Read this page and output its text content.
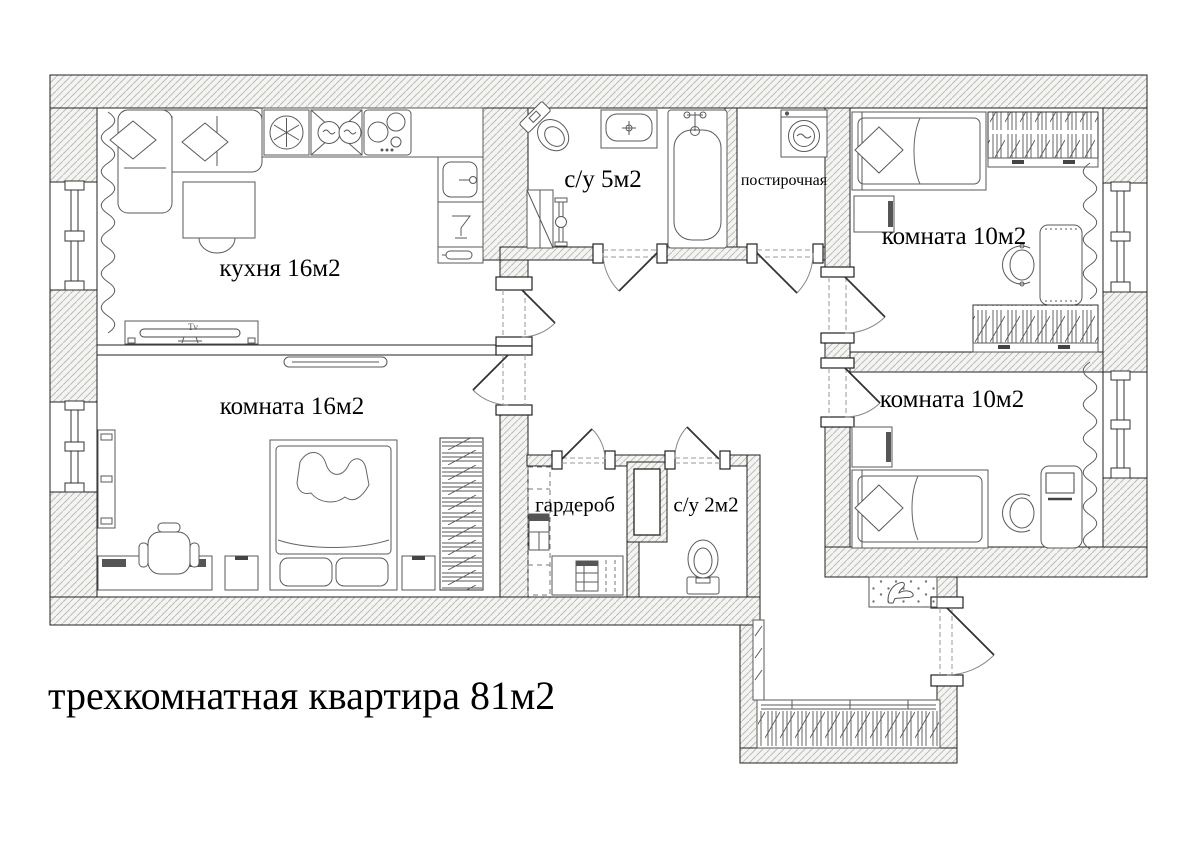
кухня 16м2
комната 16м2
с/у 5м2	постирочная
комната 10м2
комната 10м2
гардероб	с/у 2м2
Tv
трехкомнатная квартира 81м2
